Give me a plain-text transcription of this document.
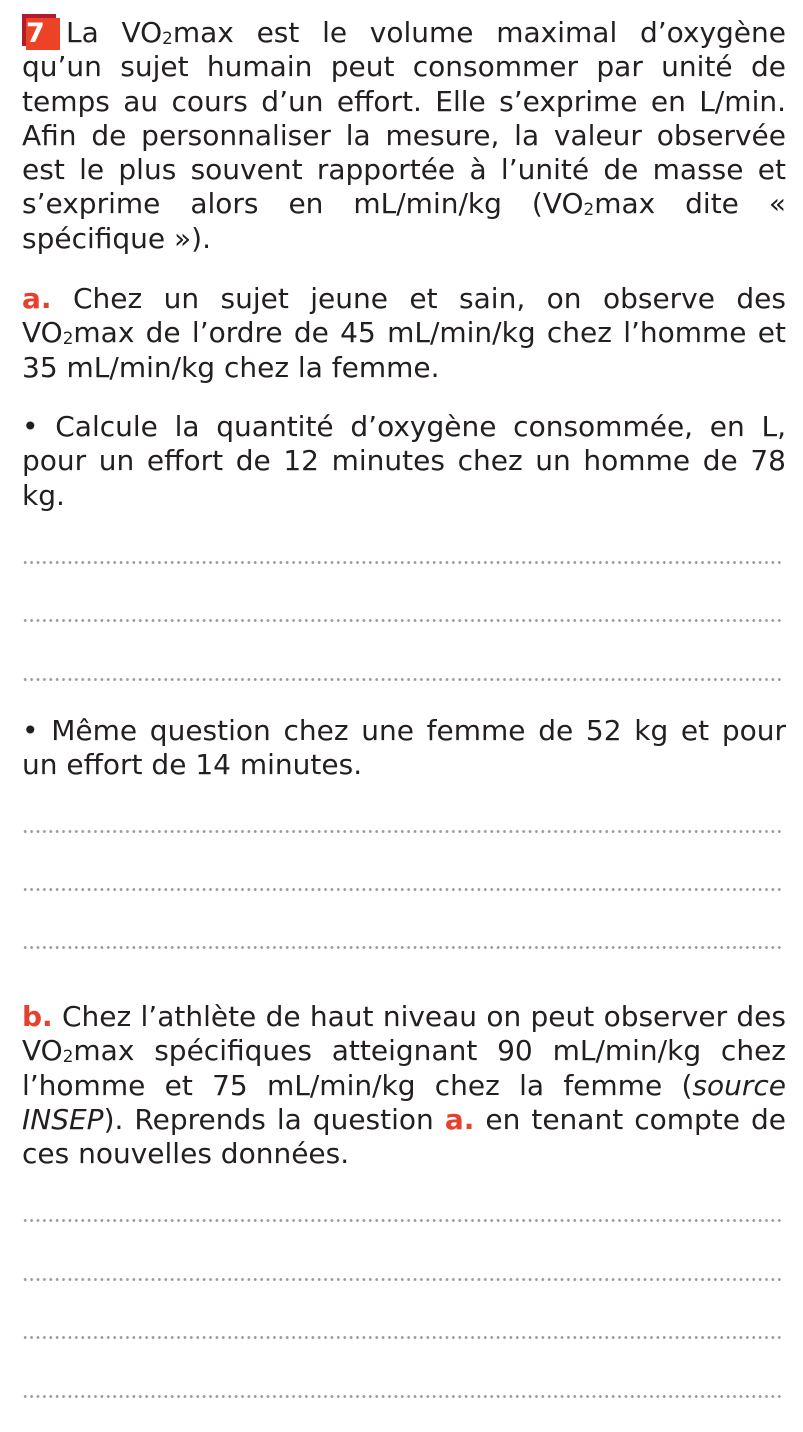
7 La $VO_2\max$ est le volume maximal d’oxygène qu’un sujet humain peut consommer par unité de temps au cours d’un effort. Elle s’exprime en L/min. Afin de personnaliser la mesure, la valeur observée est le plus souvent rapportée à l’unité de masse et s’exprime alors en mL/min/kg ($VO_2\max$ dite « spécifique »).

a. Chez un sujet jeune et sain, on observe des $VO_2\max$ de l’ordre de 45 mL/min/kg chez l’homme et 35 mL/min/kg chez la femme.

• Calcule la quantité d’oxygène consommée, en L, pour un effort de 12 minutes chez un homme de 78 kg.

• Même question chez une femme de 52 kg et pour un effort de 14 minutes.

b. Chez l’athlète de haut niveau on peut observer des $VO_2\max$ spécifiques atteignant 90 mL/min/kg chez l’homme et 75 mL/min/kg chez la femme (source INSEP). Reprends la question a. en tenant compte de ces nouvelles données.
